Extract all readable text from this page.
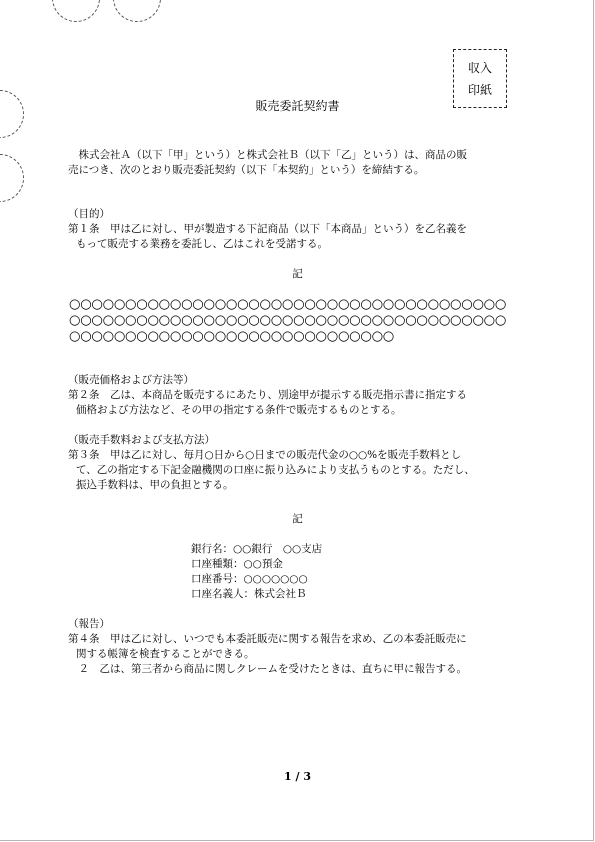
収入
印紙
販売委託契約書
　株式会社Ａ（以下「甲」という）と株式会社Ｂ（以下「乙」という）は、商品の販
売につき、次のとおり販売委託契約（以下「本契約」という）を締結する。
（目的）
第１条　甲は乙に対し、甲が製造する下記商品（以下「本商品」という）を乙名義を
もって販売する業務を委託し、乙はこれを受諾する。
記
○○○○○○○○○○○○○○○○○○○○○○○○○○○○○○○○○○○○○○○
○○○○○○○○○○○○○○○○○○○○○○○○○○○○○○○○○○○○○○○
○○○○○○○○○○○○○○○○○○○○○○○○○○○○○
（販売価格および方法等）
第２条　乙は、本商品を販売するにあたり、別途甲が提示する販売指示書に指定する
価格および方法など、その甲の指定する条件で販売するものとする。
（販売手数料および支払方法）
第３条　甲は乙に対し、毎月○日から○日までの販売代金の○○%を販売手数料とし
て、乙の指定する下記金融機関の口座に振り込みにより支払うものとする。ただし、
振込手数料は、甲の負担とする。
記
銀行名：○○銀行　○○支店
口座種類：○○預金
口座番号：○○○○○○○
口座名義人：株式会社Ｂ
（報告）
第４条　甲は乙に対し、いつでも本委託販売に関する報告を求め、乙の本委託販売に
関する帳簿を検査することができる。
　２　乙は、第三者から商品に関しクレームを受けたときは、直ちに甲に報告する。
1 / 3
